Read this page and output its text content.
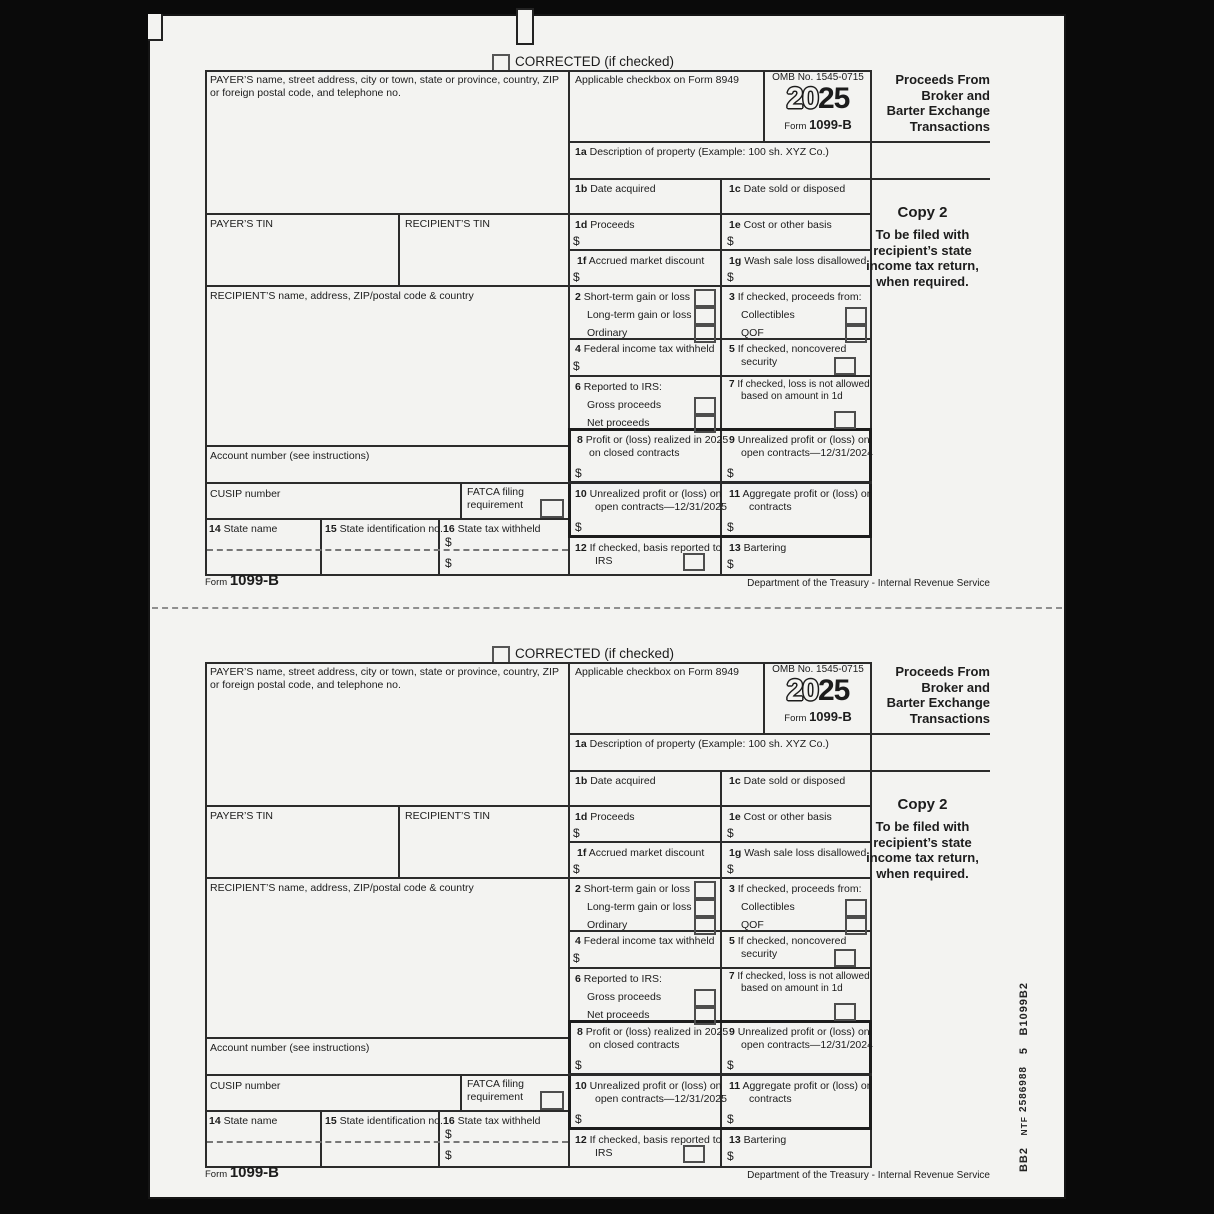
CORRECTED (if checked)
PAYER’S name, street address, city or town, state or province, country, ZIP or foreign postal code, and telephone no.
PAYER’S TIN	RECIPIENT’S TIN
RECIPIENT’S name, address, ZIP/postal code & country
Account number (see instructions)
CUSIP number	FATCA filing requirement
14 State name	15 State identification no. 16 State tax withheld
$
$
Applicable checkbox on Form 8949	OMB No. 1545-0715
2025
Form 1099-B
1a Description of property (Example: 100 sh. XYZ Co.)
1b Date acquired	1c Date sold or disposed
1d Proceeds
$
1e Cost or other basis
$
1f Accrued market discount
$
1g Wash sale loss disallowed
$
2 Short-term gain or loss
Long-term gain or loss
Ordinary
3 If checked, proceeds from:
Collectibles
QOF
4 Federal income tax withheld
$
5 If checked, noncovered security
6 Reported to IRS:
Gross proceeds
Net proceeds
7 If checked, loss is not allowed based on amount in 1d
8 Profit or (loss) realized in 2025 on closed contracts
$
9 Unrealized profit or (loss) on open contracts—12/31/2024
$
10 Unrealized profit or (loss) on open contracts—12/31/2025
$
11 Aggregate profit or (loss) on contracts
$
12 If checked, basis reported to IRS
13 Bartering
$
Proceeds From
Broker and
Barter Exchange
Transactions
Copy 2
To be filed with
recipient’s state
income tax return,
when required.
Form 1099-B	Department of the Treasury - Internal Revenue Service
CORRECTED (if checked)
PAYER’S name, street address, city or town, state or province, country, ZIP or foreign postal code, and telephone no.
PAYER’S TIN	RECIPIENT’S TIN
RECIPIENT’S name, address, ZIP/postal code & country
Account number (see instructions)
CUSIP number	FATCA filing requirement
14 State name	15 State identification no. 16 State tax withheld
$
$
Applicable checkbox on Form 8949	OMB No. 1545-0715
2025
Form 1099-B
1a Description of property (Example: 100 sh. XYZ Co.)
1b Date acquired	1c Date sold or disposed
1d Proceeds
$
1e Cost or other basis
$
1f Accrued market discount
$
1g Wash sale loss disallowed
$
2 Short-term gain or loss
Long-term gain or loss
Ordinary
3 If checked, proceeds from:
Collectibles
QOF
4 Federal income tax withheld
$
5 If checked, noncovered security
6 Reported to IRS:
Gross proceeds
Net proceeds
7 If checked, loss is not allowed based on amount in 1d
8 Profit or (loss) realized in 2025 on closed contracts
$
9 Unrealized profit or (loss) on open contracts—12/31/2024
$
10 Unrealized profit or (loss) on open contracts—12/31/2025
$
11 Aggregate profit or (loss) on contracts
$
12 If checked, basis reported to IRS
13 Bartering
$
Proceeds From
Broker and
Barter Exchange
Transactions
Copy 2
To be filed with
recipient’s state
income tax return,
when required.
Form 1099-B	Department of the Treasury - Internal Revenue Service
B1099B2
5
NTF 2586988
BB2
